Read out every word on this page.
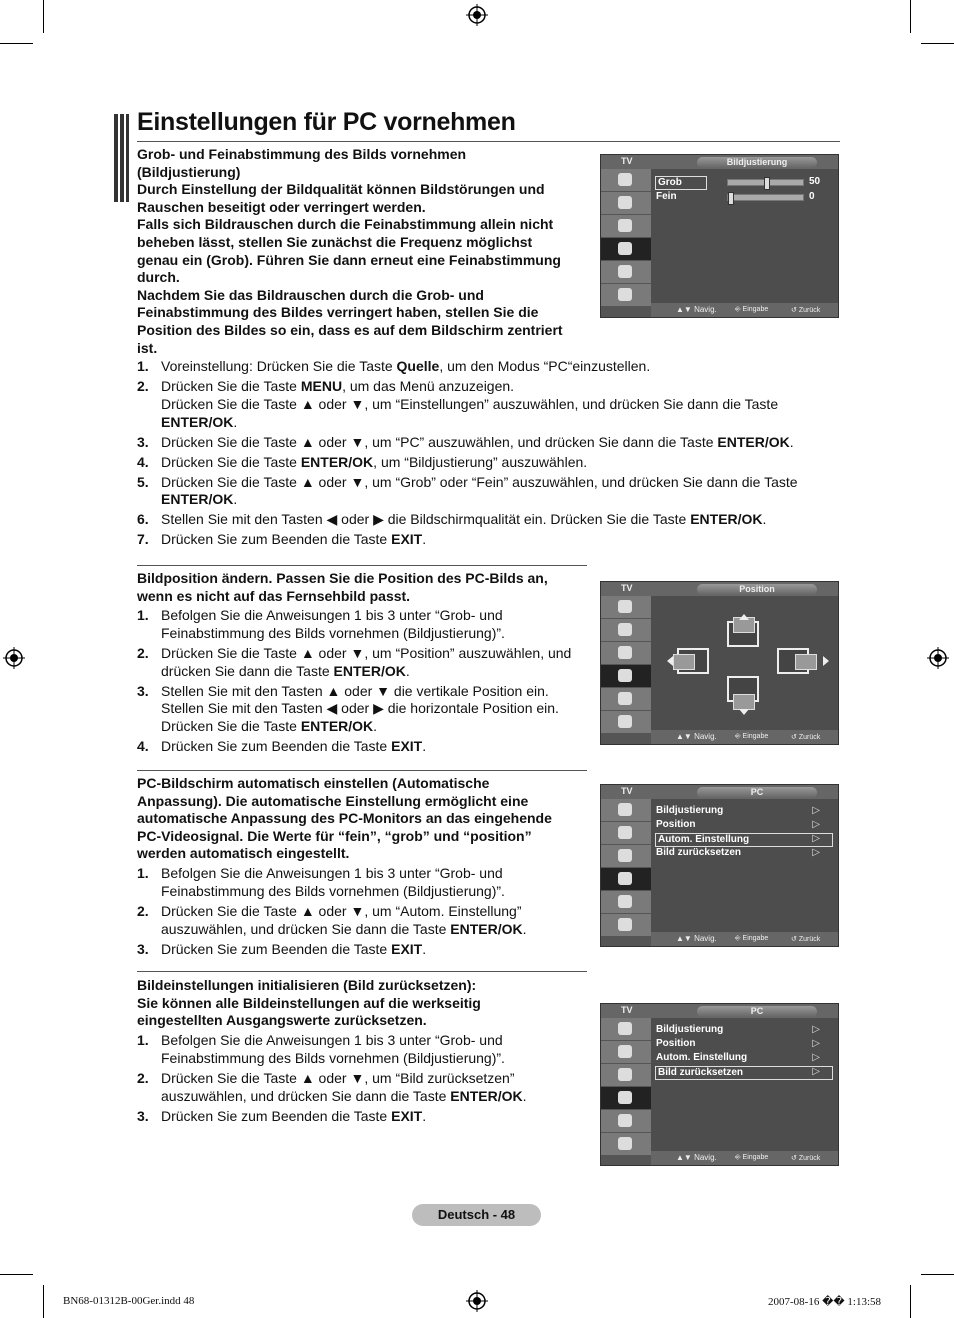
Einstellungen für PC vornehmen
Grob- und Feinabstimmung des Bilds vornehmen
(Bildjustierung)
Durch Einstellung der Bildqualität können Bildstörungen und
Rauschen beseitigt oder verringert werden.
Falls sich Bildrauschen durch die Feinabstimmung allein nicht
beheben lässt, stellen Sie zunächst die Frequenz möglichst
genau ein (Grob). Führen Sie dann erneut eine Feinabstimmung
durch.
Nachdem Sie das Bildrauschen durch die Grob- und
Feinabstimmung des Bildes verringert haben, stellen Sie die
Position des Bildes so ein, dass es auf dem Bildschirm zentriert
ist.
1. Voreinstellung: Drücken Sie die Taste Quelle, um den Modus “PC“einzustellen.
2. Drücken Sie die Taste MENU, um das Menü anzuzeigen.
Drücken Sie die Taste ▲ oder ▼, um “Einstellungen” auszuwählen, und drücken Sie dann die Taste ENTER/OK.
3. Drücken Sie die Taste ▲ oder ▼, um “PC” auszuwählen, und drücken Sie dann die Taste ENTER/OK.
4. Drücken Sie die Taste ENTER/OK, um “Bildjustierung” auszuwählen.
5. Drücken Sie die Taste ▲ oder ▼, um “Grob” oder “Fein” auszuwählen, und drücken Sie dann die Taste ENTER/OK.
6. Stellen Sie mit den Tasten ◀ oder ▶ die Bildschirmqualität ein. Drücken Sie die Taste ENTER/OK.
7. Drücken Sie zum Beenden die Taste EXIT.
Bildposition ändern. Passen Sie die Position des PC-Bilds an,
wenn es nicht auf das Fernsehbild passt.
1. Befolgen Sie die Anweisungen 1 bis 3 unter “Grob- und Feinabstimmung des Bilds vornehmen (Bildjustierung)”.
2. Drücken Sie die Taste ▲ oder ▼, um “Position” auszuwählen, und drücken Sie dann die Taste ENTER/OK.
3. Stellen Sie mit den Tasten ▲ oder ▼ die vertikale Position ein. Stellen Sie mit den Tasten ◀ oder ▶ die horizontale Position ein. Drücken Sie die Taste ENTER/OK.
4. Drücken Sie zum Beenden die Taste EXIT.
PC-Bildschirm automatisch einstellen (Automatische
Anpassung). Die automatische Einstellung ermöglicht eine
automatische Anpassung des PC-Monitors an das eingehende
PC-Videosignal. Die Werte für “fein”, “grob” und “position”
werden automatisch eingestellt.
1. Befolgen Sie die Anweisungen 1 bis 3 unter “Grob- und Feinabstimmung des Bilds vornehmen (Bildjustierung)”.
2. Drücken Sie die Taste ▲ oder ▼, um “Autom. Einstellung” auszuwählen, und drücken Sie dann die Taste ENTER/OK.
3. Drücken Sie zum Beenden die Taste EXIT.
Bildeinstellungen initialisieren (Bild zurücksetzen):
Sie können alle Bildeinstellungen auf die werkseitig
eingestellten Ausgangswerte zurücksetzen.
1. Befolgen Sie die Anweisungen 1 bis 3 unter “Grob- und Feinabstimmung des Bilds vornehmen (Bildjustierung)”.
2. Drücken Sie die Taste ▲ oder ▼, um “Bild zurücksetzen” auszuwählen, und drücken Sie dann die Taste ENTER/OK.
3. Drücken Sie zum Beenden die Taste EXIT.
TV	Bildjustierung
Grob	50
Fein	0
▲▼ Navig.	⎆ Eingabe	↺ Zurück
TV	Position
▲▼ Navig.	⎆ Eingabe	↺ Zurück
TV	PC
Bildjustierung	▷
Position	▷
Autom. Einstellung	▷
Bild zurücksetzen	▷
▲▼ Navig.	⎆ Eingabe	↺ Zurück
TV	PC
Bildjustierung	▷
Position	▷
Autom. Einstellung	▷
Bild zurücksetzen	▷
▲▼ Navig.	⎆ Eingabe	↺ Zurück
Deutsch - 48
BN68-01312B-00Ger.indd 48	2007-08-16 �� 1:13:58
